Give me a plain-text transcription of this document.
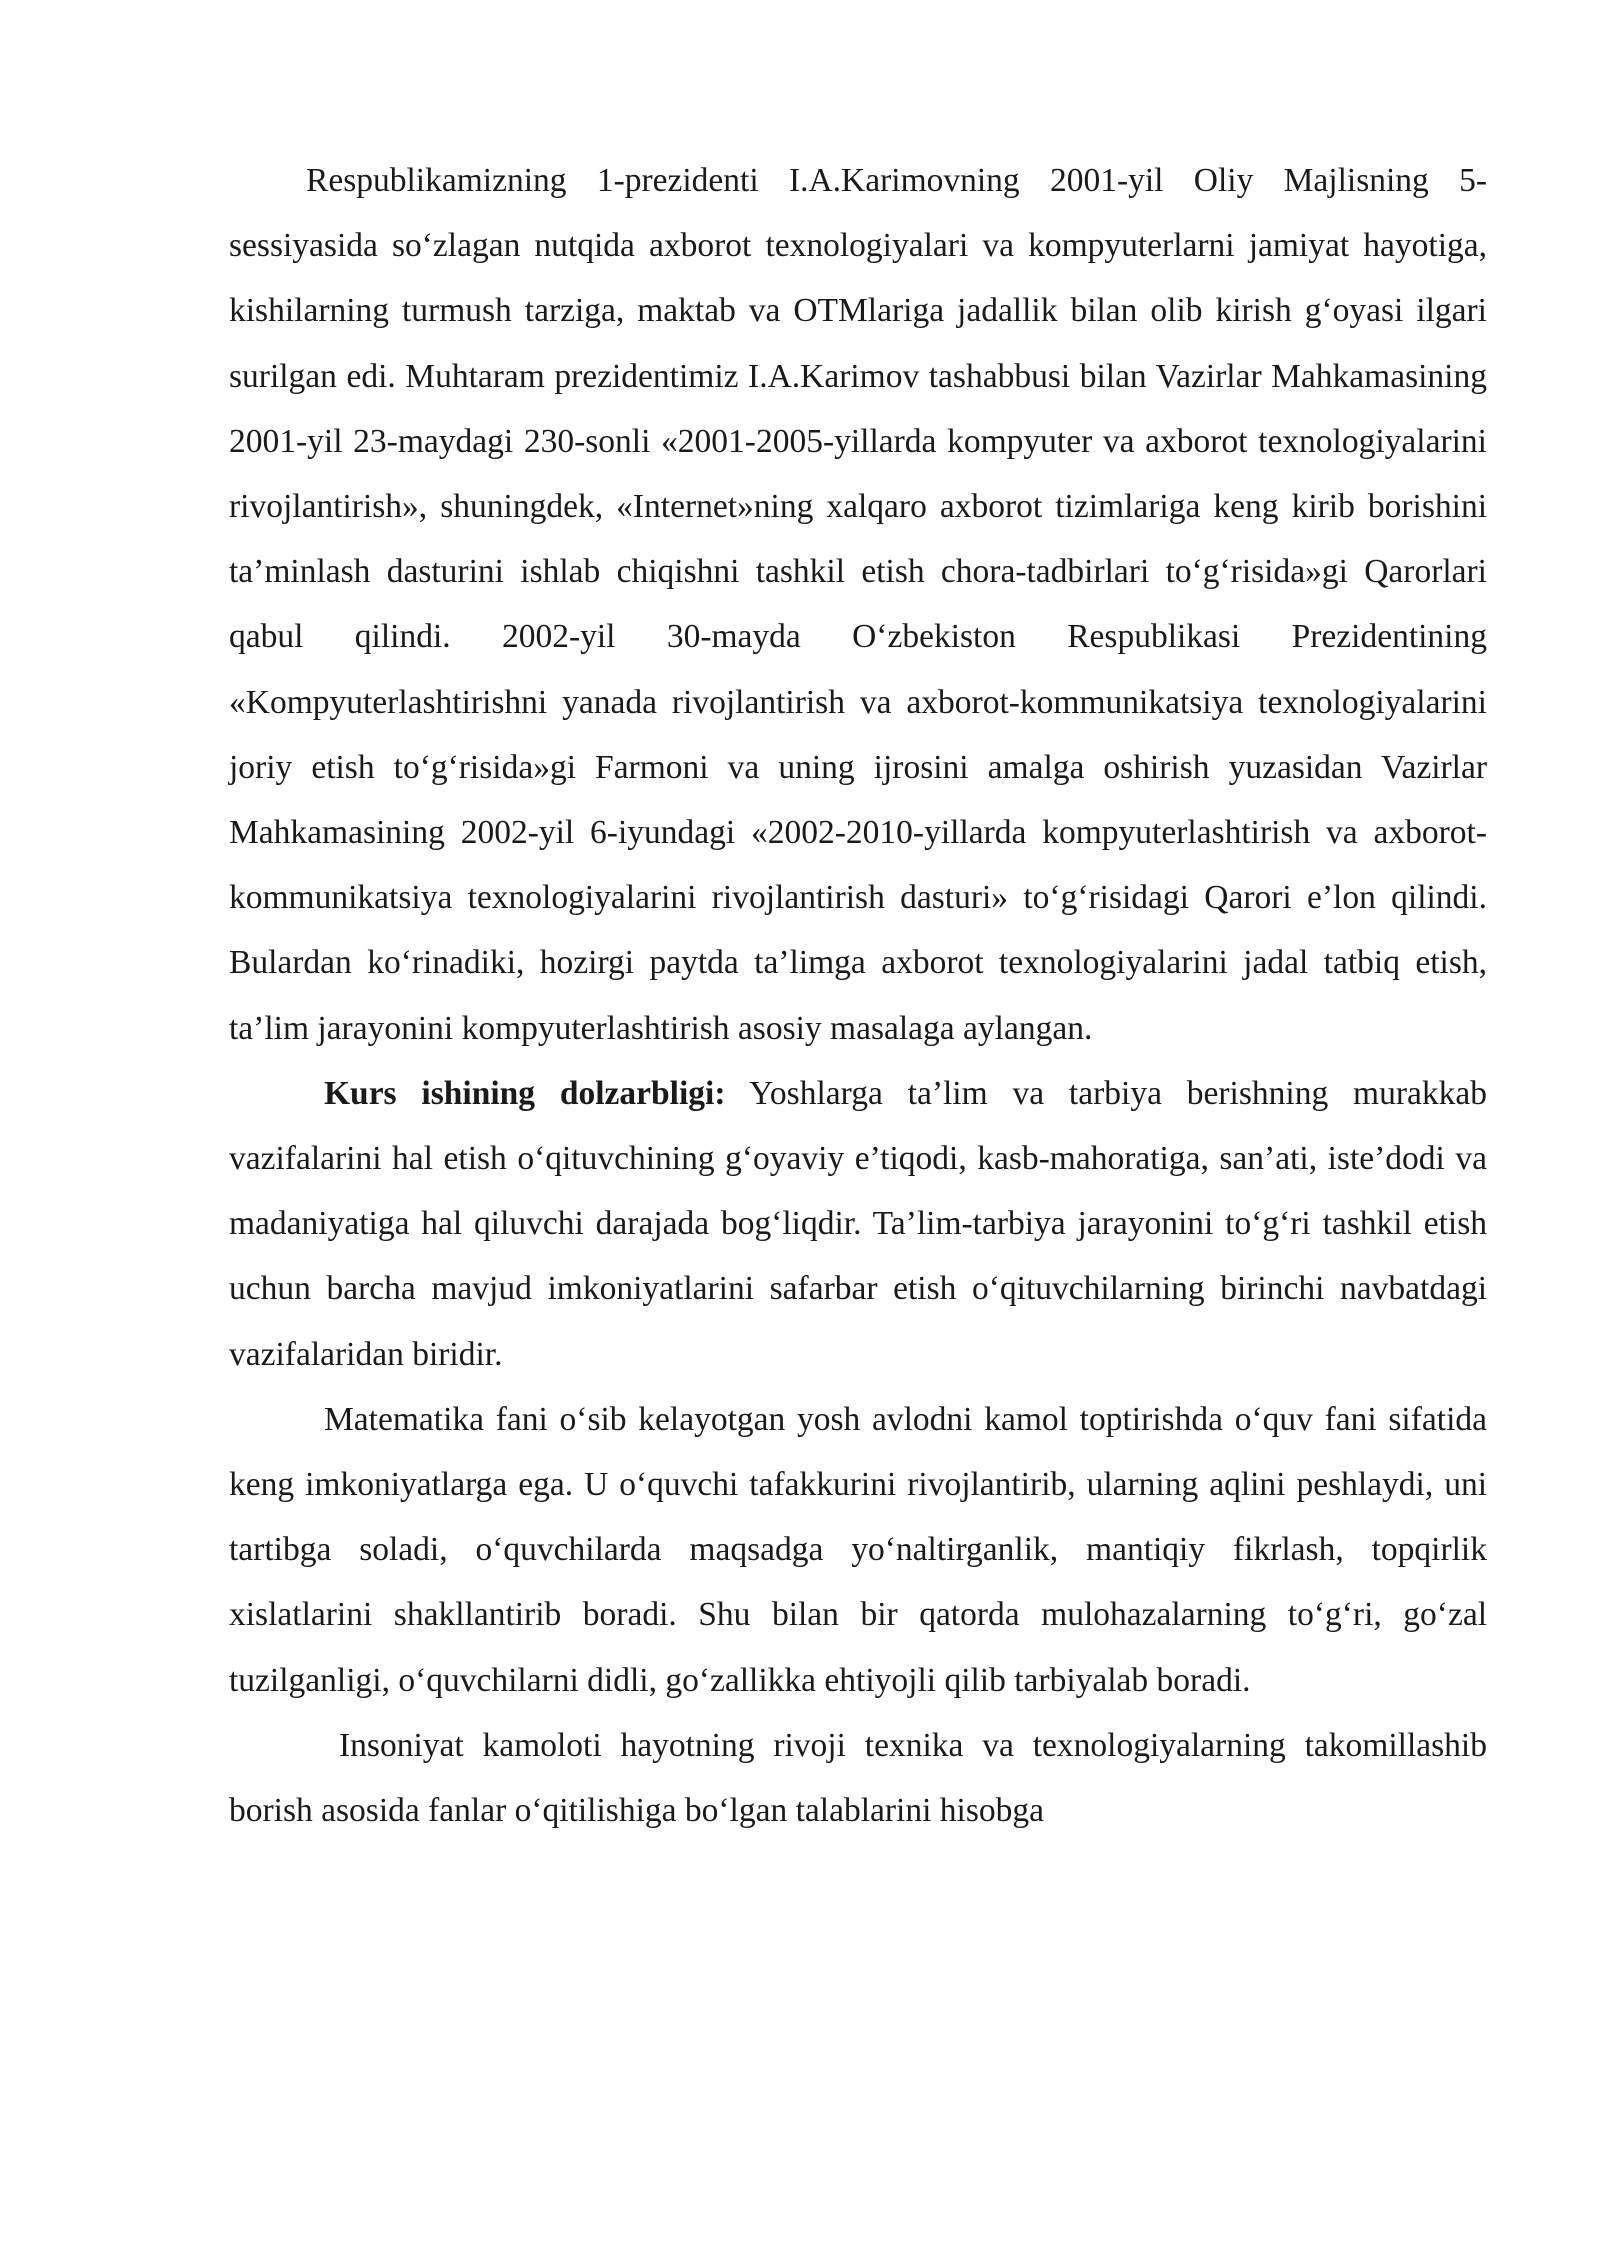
Respublikamizning 1-prezidenti I.A.Karimovning 2001-yil Oliy Majlisning 5-sessiyasida so‘zlagan nutqida axborot texnologiyalari va kompyuterlarni jamiyat hayotiga, kishilarning turmush tarziga, maktab va OTMlariga jadallik bilan olib kirish g‘oyasi ilgari surilgan edi. Muhtaram prezidentimiz I.A.Karimov tashabbusi bilan Vazirlar Mahkamasining 2001-yil 23-maydagi 230-sonli «2001-2005-yillarda kompyuter va axborot texnologiyalarini rivojlantirish», shuningdek, «Internet»ning xalqaro axborot tizimlariga keng kirib borishini ta’minlash dasturini ishlab chiqishni tashkil etish chora-tadbirlari to‘g‘risida»gi Qarorlari qabul qilindi. 2002-yil 30-mayda O‘zbekiston Respublikasi Prezidentining «Kompyuterlashtirishni yanada rivojlantirish va axborot-kommunikatsiya texnologiyalarini joriy etish to‘g‘risida»gi Farmoni va uning ijrosini amalga oshirish yuzasidan Vazirlar Mahkamasining 2002-yil 6-iyundagi «2002-2010-yillarda kompyuterlashtirish va axborot-kommunikatsiya texnologiyalarini rivojlantirish dasturi» to‘g‘risidagi Qarori e’lon qilindi. Bulardan ko‘rinadiki, hozirgi paytda ta’limga axborot texnologiyalarini jadal tatbiq etish, ta’lim jarayonini kompyuterlashtirish asosiy masalaga aylangan.

Kurs ishining dolzarbligi: Yoshlarga ta’lim va tarbiya berishning murakkab vazifalarini hal etish o‘qituvchining g‘oyaviy e’tiqodi, kasb-mahoratiga, san’ati, iste’dodi va madaniyatiga hal qiluvchi darajada bog‘liqdir. Ta’lim-tarbiya jarayonini to‘g‘ri tashkil etish uchun barcha mavjud imkoniyatlarini safarbar etish o‘qituvchilarning birinchi navbatdagi vazifalaridan biridir.

Matematika fani o‘sib kelayotgan yosh avlodni kamol toptirishda o‘quv fani sifatida keng imkoniyatlarga ega. U o‘quvchi tafakkurini rivojlantirib, ularning aqlini peshlaydi, uni tartibga soladi, o‘quvchilarda maqsadga yo‘naltirganlik, mantiqiy fikrlash, topqirlik xislatlarini shakllantirib boradi. Shu bilan bir qatorda mulohazalarning to‘g‘ri, go‘zal tuzilganligi, o‘quvchilarni didli, go‘zallikka ehtiyojli qilib tarbiyalab boradi.

Insoniyat kamoloti hayotning rivoji texnika va texnologiyalarning takomillashib borish asosida fanlar o‘qitilishiga bo‘lgan talablarini hisobga
